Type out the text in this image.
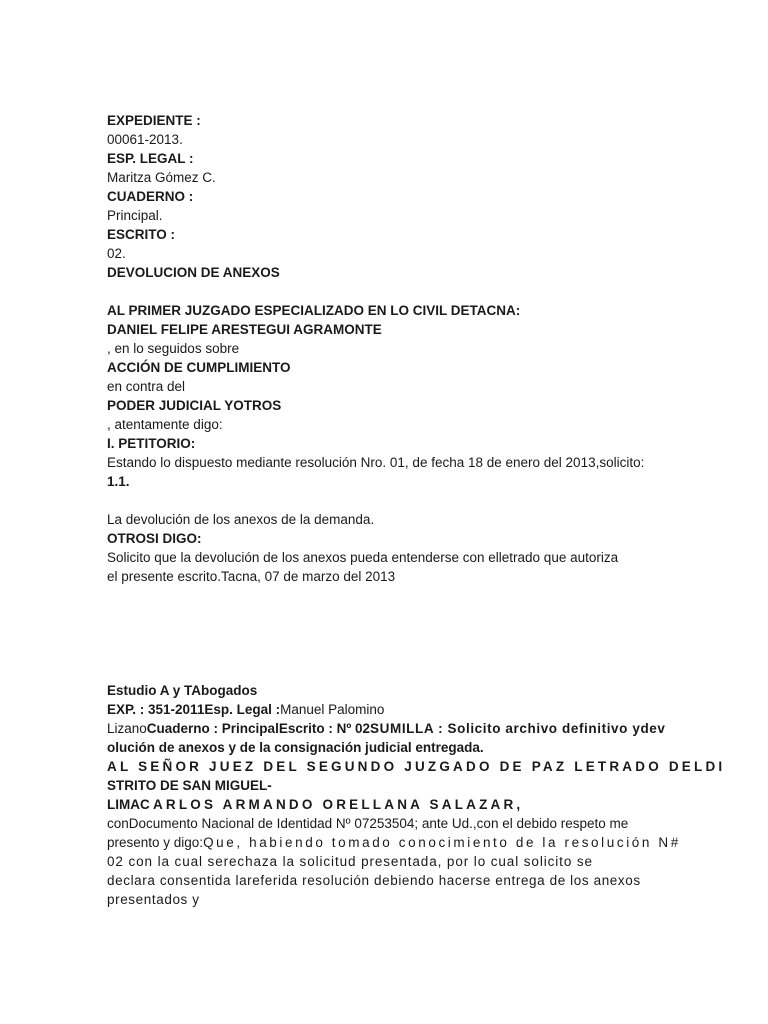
EXPEDIENTE :
00061-2013.
ESP. LEGAL :
Maritza Gómez C.
CUADERNO :
Principal.
ESCRITO :
02.
DEVOLUCION DE ANEXOS
AL PRIMER JUZGADO ESPECIALIZADO EN LO CIVIL DETACNA:
DANIEL FELIPE ARESTEGUI AGRAMONTE
, en lo seguidos sobre
ACCIÓN DE CUMPLIMIENTO
en contra del
PODER JUDICIAL YOTROS
, atentamente digo:
I. PETITORIO:
Estando lo dispuesto mediante resolución Nro. 01, de fecha 18 de enero del 2013,solicito:
1.1.
La devolución de los anexos de la demanda.
OTROSI DIGO:
Solicito que la devolución de los anexos pueda entenderse con elletrado que autoriza
el presente escrito.Tacna, 07 de marzo del 2013
Estudio A y TAbogados
EXP. : 351-2011Esp. Legal :Manuel Palomino
LizanoCuaderno : PrincipalEscrito : Nº 02SUMILLA : Solicito archivo definitivo ydev
olución de anexos y de la consignación judicial entregada.
AL SEÑOR JUEZ DEL SEGUNDO JUZGADO DE PAZ LETRADO DELDI
STRITO DE SAN MIGUEL-
LIMACARLOS ARMANDO ORELLANA SALAZAR,
conDocumento Nacional de Identidad Nº 07253504; ante Ud.,con el debido respeto me
presento y digo:Que, habiendo tomado conocimiento de la resolución N#
02 con la cual serechaza la solicitud presentada, por lo cual solicito se
declara consentida lareferida resolución debiendo hacerse entrega de los anexos
presentados y
